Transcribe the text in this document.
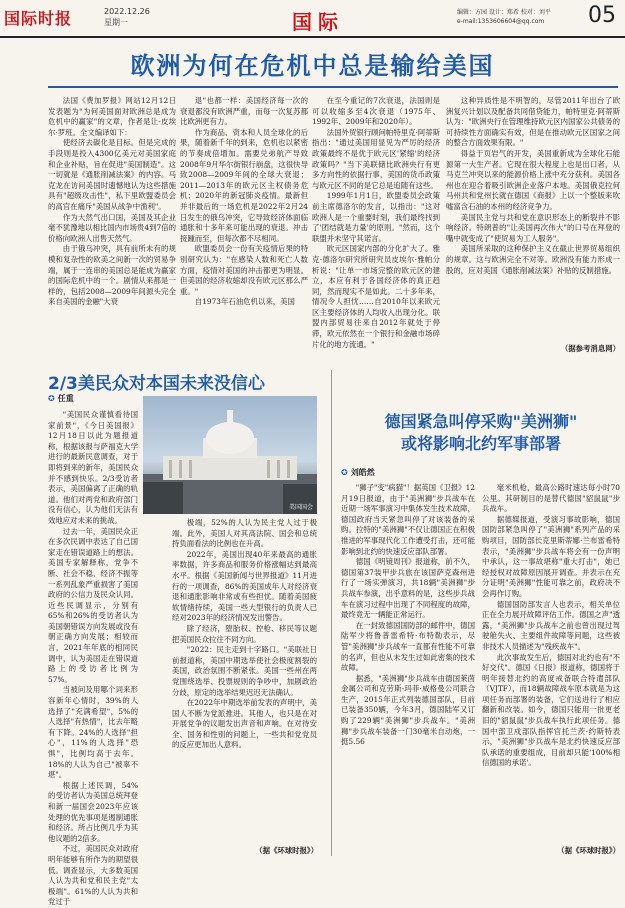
国际时报	2022.12.26
星期一	国际	编辑：方园 设计：郑希 校对：刘平
e-mail:1353606604@qq.com 05
欧洲为何在危机中总是输给美国

法国《费加罗报》网站12月12日发表题为"为何美国面对欧洲总是成为危机中的赢家"的文章，作者是让-皮埃尔·罗班。全文编译如下：

使经济去碳化是目标。但是完成的手段则是投入4300亿美元对美国家庭和企业补贴，旨在促进"美国制造"。这一切就是《通胀削减法案》的内容。马克龙在访问美国时遗憾地认为这些措施具有"超级攻击性"，私下里欧盟委员会的高官在痛斥"美国从战争中渔利"。

作为大然气出口国，美国及其企业毫不犹豫地以相比国内市场贵4到7倍的价格向欧洲人出售天然气。

由于俄乌冲突，具有前所未有的规模和复杂性的欧美之间新一次的贸易争端，属于一连串的美国总是能成为赢家的国际危机中的一个。剧情从来都是一样的，包括2008—2009年间源头完全来自美国的金融"大衰

退"也都一样：美国经济每一次的衰退都没有欧洲严重，而每一次复苏都比欧洲更有力。

作为商品、资本和人员全球化的后果，随着新千年的到来，危机也以紧密的节奏成倍增加。需要兑弟航产导致2008年9月华尔街银行崩盘，这很快导致2008—2009年间的全球大衰退；2011—2013年的欧元区主权债务危机；2020年的新冠肺炎疫情。最新但并非最后的一场危机是2022年2月24日发生的俄乌冲突，它导致经济体面临通胀和十多年来可能出现的衰退。冲击接踵而至，但每次都不尽相同。

欧盟委员会一份有关疫情后果的特别研究认为："在感染人数和死亡人数方面，疫情对美国的冲击都更为明显。但美国的经济收缩却没有欧元区那么严重。"

自1973年石油危机以来，美国

在至今重记的7次衰退，法国则是可以收缩多至4次衰退（1975年、1992年、2009年和2020年）。

法国外贸银行顾问帕特里克·阿蒂斯指出："通过美国用显见为严厉的经济政策最终不是优于欧元区'紧缩'的经济政策吗？"当下美联储比欧洲央行有更多方向性的依据行事，美国的货币政策与欧元区不同的是它总是追随有这些。

1999年1月1日，欧盟委员会政策前主席德洛尔的发言，以指出："这对欧洲人是一个重要时刻，我们最终找到了'团结就是力量'的原则。"然而，这个联盟并未坚守其诺言。

欧元区国家内部的分化扩大了。雅克·德洛尔研究所研究员皮埃尔·雅帕分析说："让单一市场完整的欧元区的建立，本应有利于各国经济体的真正趋同，然而现实不是如此。二十多年来，情况令人担忧……自2010年以来欧元区主要经济体的人均收入出现分化。联盟内部贸易往来自2012年就处于停滞，欧元依然在一个银行和金融市场碎片化的地方流通。"

这种异质性是不明智的，尽管2011年出台了欧洲复兴计划以及配备共同借贷能力，帕特里克·阿蒂斯认为："欧洲央行在管理维持欧元区内国家公共债务的可持续性方面确实有效，但是在推动欧元区国家之间的整合方面效果有限。"

得益于页岩气的开发，美国重新成为全球化石能源第一大生产者。它现在很大程度上也是出口者，从马克兰冲突以来的能源价格上涨中充分获利。美国各州也在迎合着吸引欧洲企业落户本地。美国俄克拉何马州共和党州长就在德国《商报》上以一个整版来吹嘘富含石油的本州的经济竞争力。

美国民主党与共和党在意识形态上的断裂并不影响经济。特朗普的"让美国再次伟大"的口号在拜登的嘴中就变成了"使贸易为工人服务"。

美国所采取的这种保护主义在截止世界贸易组织的规章。这与欧洲完全不对等。欧洲没有能力形成一股的，应对美国《通胀削减法案》补贴的反制措施。

（据参考消息网）
2/3美民众对本国未来没信心
✪ 任重

"美国民众谨慎看待国家前景"，《今日美国报》12月18日以此为题报道称，根据该报与萨福克大学进行的最新民意调查，对于即将到来的新年，美国民众并不感到快乐。2/3受访者表示，美国偏离了正确的轨道。他们对两党和政府部门没有信心，认为他们无法有效地应对未来的挑战。

过去一年，美国民众正在多次民调中表达了自己国家走在错误道路上的想法。美国专家解释称，党争不断、社会不稳、经济不振等一系列乱象严重损害了美国政府的公信力及民众认同。近些民调显示，分别有65%和26%的受访者认为美国朝错误方向发展或没有朝正确方向发展；相较而言，2021年年底的相同民调中，认为美国走在错误道路上的受访者比例为57%。

当被问及用哪个词来形容新年心情时，39%的人选择了"充满希望"，5%的人选择"有热情"，比去年略有下降。24%的人选择"担心"，11%的人选择"恐惧"，比例均高于去年。18%的人认为自己"被辜不堪"。

根据上述民调，54%的受访者认为美国总统拜登和新一届国会2023年应该处理的优先事项是遏制通胀和经济。所占比例几乎为其他议题的2倍多。

不过，美国民众对政府明年能够有所作为的期望很低。调查显示，大多数美国人认为共和党和民主党"太极端"。61%的人认为共和党过于

美国国会

极端，52%的人认为民主党人过于极端。此外，美国人对其高法院、国会和总统持负面看法的比例也在升高。

2022年，美国出现40年来最高的通胀率数据，许多商品和服务价格涨幅达到最高水平。根据《美国新闻与世界报道》11月进行的一项调查，86%的美国成年人对经济衰退和通胀影响非常或有些担忧。随着美国疲软情绪持续，美国一些大型银行的负责人已经对2023年的经济情况发出警告。

除了经济，堕胎权、控枪、移民等议题把美国民众拉往不同方向。

"2022：民主走到十字路口。"美联社日前报道称，美国中期选举使社会极度割裂的美国，政治氛围不断紧张。美国一些州在两党围绕选举、投票规则的争吵中，加剧政治分歧，原定的选举结果迟迟无法确认。

在2022年中期选举前发表的声明中，美国人不断为党派推进。其他人，也只是在对开展党争的议题发出声音和声响。在对待安全、国务和性别的问题上，一些共和党党员的反应更加出人意料。

（据《环球时报》）
德国紧急叫停采购"美洲狮"
或将影响北约军事部署
✪ 刘皓然

"狮子"变"病猫"！据英国《卫报》12月19日报道，由于"美洲狮"步兵战车在近期一场军事演习中集体发生技术故障，德国政府当天紧急叫停了对该装备的采购。拉特的"美洲狮"不仅让德国正在积极推进的军事现代化工作遭受打击，还可能影响到北约的快速反应部队部署。

德国《明镜周刊》报道称，前不久，德国第37装甲步兵旅在该国萨克森州进行了一场实弹演习，共18辆"美洲狮"步兵战车参演，出乎意料的是，这些步兵战车在演习过程中出现了不同程度的故障，最终竟无一辆能正常运行。

在一封致德国国防部的邮件中，德国陆军少将鲁普雷希特·布特勒表示，尽管"美洲狮"步兵战车一直都有性能不可靠的名声，但也从未发生过如此密集的技术故障。

据悉，"美洲狮"步兵战车由德国莱茵金属公司和克劳斯-玛菲·威格曼公司联合生产，2015年正式列装德国部队，目前已装备350辆，今年3月，德国陆军又订购了229辆"美洲狮"步兵战车。"美洲狮"步兵战车装备一门30毫米自动炮，一挺5.56

毫米机枪，最高公路时速达每小时70公里。其研制目的是替代德国"貂鼠鼠"步兵战车。

据德媒报道，受演习事故影响，德国国防部紧急叫停了"美洲狮"系列产品的采购项目，国防部长克里斯蒂娜·兰布雷希特表示，"美洲狮"步兵战车将会有一份声明中承认，这一事故堪称"重大打击"，她已经授权对故障原因展开调查。并表示在充分证明"美洲狮"性能可靠之前，政府决不会再作订购。

德国国防部发言人也表示，相关单位正在全力展开故障评估工作。德国之声"透露，"美洲狮"步兵战车之前也曾出现过驾驶舱失火、主要组件故障等问题，这些被非技术人员描述为"残疾战车"。

此次事故发生后，德国对北约也有"不好交代"。德国《日报》报道称，德国将于明年接替北约的高度戒备联合特遣部队（VJTF），而18辆故障战车原本就是为这项任务而部署的装备，它们送进行了相应翻新和改装。如今，德国只能用一批更老旧的"貂鼠鼠"步兵战车执行此项任务。德国中部卫戍部队指挥官托兰茨·约斯特表示，"美洲狮"步兵战车是北约快速反应部队承诺的重要组成，目前却只能'100%相信德国的承诺'。

（据《环球时报》）
